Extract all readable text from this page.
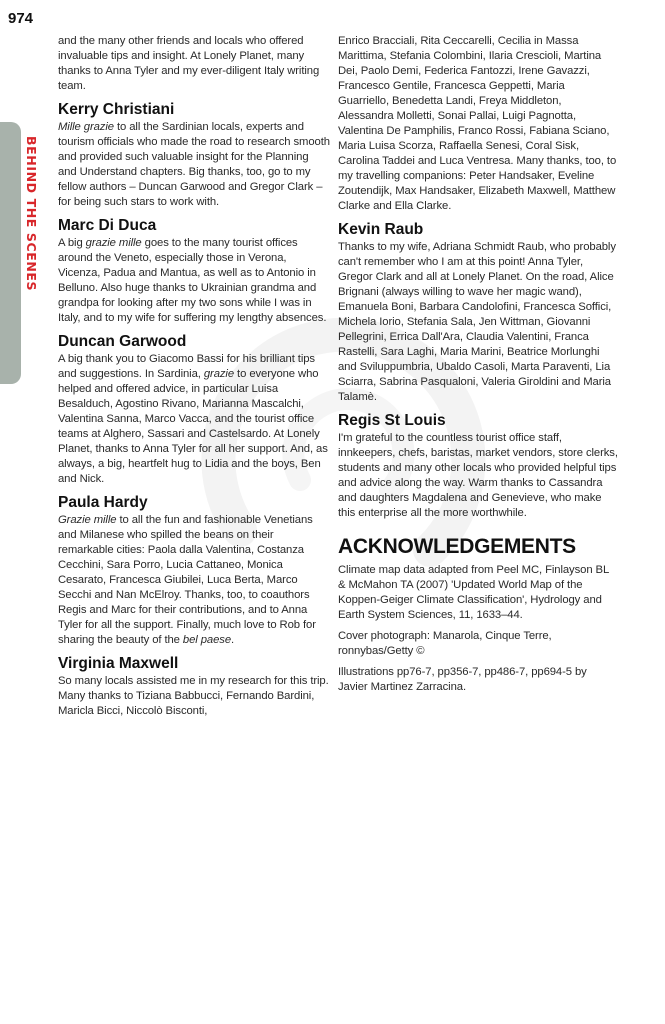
974
BEHIND THE SCENES

and the many other friends and locals who offered invaluable tips and insight. At Lonely Planet, many thanks to Anna Tyler and my ever-diligent Italy writing team.

Kerry Christiani

Mille grazie to all the Sardinian locals, experts and tourism officials who made the road to research smooth and provided such valuable insight for the Planning and Understand chapters. Big thanks, too, go to my fellow authors – Duncan Garwood and Gregor Clark – for being such stars to work with.

Marc Di Duca

A big grazie mille goes to the many tourist offices around the Veneto, especially those in Verona, Vicenza, Padua and Mantua, as well as to Antonio in Belluno. Also huge thanks to Ukrainian grandma and grandpa for looking after my two sons while I was in Italy, and to my wife for suffering my lengthy absences.

Duncan Garwood

A big thank you to Giacomo Bassi for his brilliant tips and suggestions. In Sardinia, grazie to everyone who helped and offered advice, in particular Luisa Besalduch, Agostino Rivano, Marianna Mascalchi, Valentina Sanna, Marco Vacca, and the tourist office teams at Alghero, Sassari and Castelsardo. At Lonely Planet, thanks to Anna Tyler for all her support. And, as always, a big, heartfelt hug to Lidia and the boys, Ben and Nick.

Paula Hardy

Grazie mille to all the fun and fashionable Venetians and Milanese who spilled the beans on their remarkable cities: Paola dalla Valentina, Costanza Cecchini, Sara Porro, Lucia Cattaneo, Monica Cesarato, Francesca Giubilei, Luca Berta, Marco Secchi and Nan McElroy. Thanks, too, to coauthors Regis and Marc for their contributions, and to Anna Tyler for all the support. Finally, much love to Rob for sharing the beauty of the bel paese.

Virginia Maxwell

So many locals assisted me in my research for this trip. Many thanks to Tiziana Babbucci, Fernando Bardini, Maricla Bicci, Niccolò Bisconti,

Enrico Bracciali, Rita Ceccarelli, Cecilia in Massa Marittima, Stefania Colombini, Ilaria Crescioli, Martina Dei, Paolo Demi, Federica Fantozzi, Irene Gavazzi, Francesco Gentile, Francesca Geppetti, Maria Guarriello, Benedetta Landi, Freya Middleton, Alessandra Molletti, Sonai Pallai, Luigi Pagnotta, Valentina De Pamphilis, Franco Rossi, Fabiana Sciano, Maria Luisa Scorza, Raffaella Senesi, Coral Sisk, Carolina Taddei and Luca Ventresa. Many thanks, too, to my travelling companions: Peter Handsaker, Eveline Zoutendijk, Max Handsaker, Elizabeth Maxwell, Matthew Clarke and Ella Clarke.

Kevin Raub

Thanks to my wife, Adriana Schmidt Raub, who probably can't remember who I am at this point! Anna Tyler, Gregor Clark and all at Lonely Planet. On the road, Alice Brignani (always willing to wave her magic wand), Emanuela Boni, Barbara Candolofini, Francesca Soffici, Michela Iorio, Stefania Sala, Jen Wittman, Giovanni Pellegrini, Errica Dall'Ara, Claudia Valentini, Franca Rastelli, Sara Laghi, Maria Marini, Beatrice Morlunghi and Sviluppumbria, Ubaldo Casoli, Marta Paraventi, Lia Sciarra, Sabrina Pasqualoni, Valeria Giroldini and Maria Talamè.

Regis St Louis

I'm grateful to the countless tourist office staff, innkeepers, chefs, baristas, market vendors, store clerks, students and many other locals who provided helpful tips and advice along the way. Warm thanks to Cassandra and daughters Magdalena and Genevieve, who make this enterprise all the more worthwhile.

ACKNOWLEDGEMENTS

Climate map data adapted from Peel MC, Finlayson BL & McMahon TA (2007) 'Updated World Map of the Koppen-Geiger Climate Classification', Hydrology and Earth System Sciences, 11, 1633–44.

Cover photograph: Manarola, Cinque Terre, ronnybas/Getty ©

Illustrations pp76-7, pp356-7, pp486-7, pp694-5 by Javier Martinez Zarracina.
